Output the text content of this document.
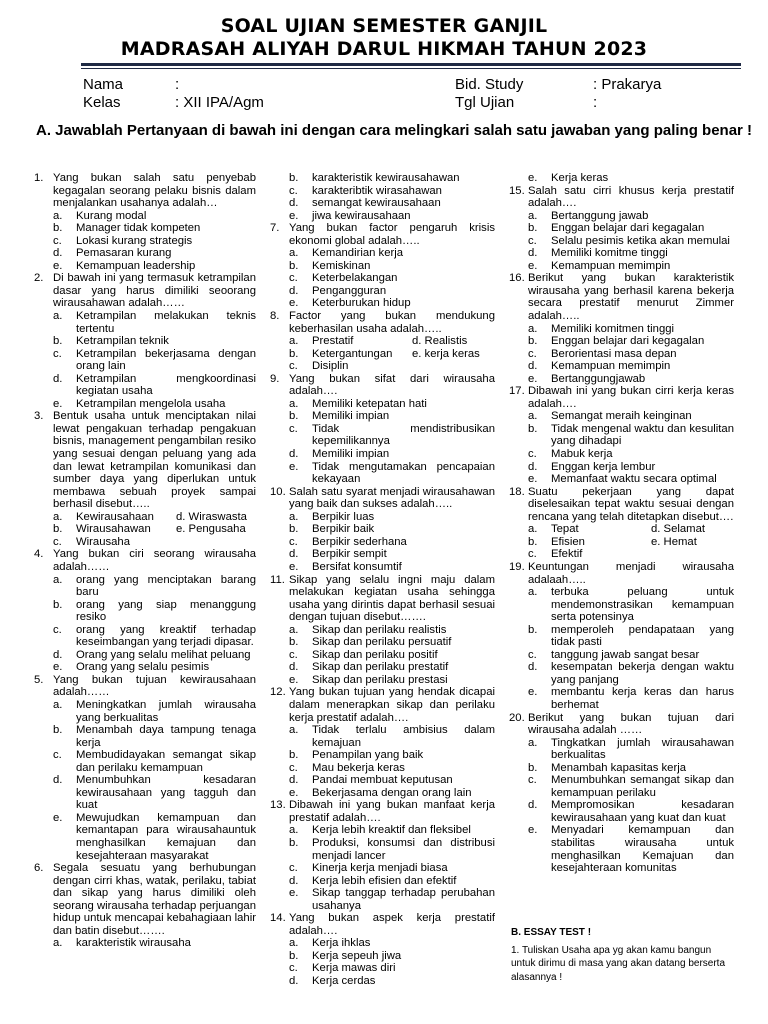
SOAL UJIAN SEMESTER GANJIL
MADRASAH ALIYAH DARUL HIKMAH TAHUN 2023
Nama	:
Kelas	: XII IPA/Agm
Bid. Study	: Prakarya
Tgl Ujian	:
A. Jawablah Pertanyaan di bawah ini dengan cara melingkari salah satu jawaban yang paling benar !
1. Yang bukan salah satu penyebab kegagalan seorang pelaku bisnis dalam menjalankan usahanya adalah…
a.	Kurang modal
b.	Manager tidak kompeten
c.	Lokasi kurang strategis
d.	Pemasaran kurang
e.	Kemampuan leadership
2. Di bawah ini yang termasuk ketrampilan dasar yang harus dimiliki seoorang wirausahawan adalah……
a.	Ketrampilan melakukan teknis tertentu
b.	Ketrampilan teknik
c.	Ketrampilan bekerjasama dengan orang lain
d.	Ketrampilan mengkoordinasi kegiatan usaha
e.	Ketrampilan mengelola usaha
3. Bentuk usaha untuk menciptakan nilai lewat pengakuan terhadap pengakuan bisnis, management pengambilan resiko yang sesuai dengan peluang yang ada dan lewat ketrampilan komunikasi dan sumber daya yang diperlukan untuk membawa sebuah proyek sampai berhasil disebut…..
a.	Kewirausahaan	d. Wiraswasta
b.	Wirausahawan	e. Pengusaha
c.	Wirausaha
4. Yang bukan ciri seorang wirausaha adalah……
a.	orang yang menciptakan barang baru
b.	orang yang siap menanggung resiko
c.	orang yang kreaktif terhadap keseimbangan yang terjadi dipasar.
d.	Orang yang selalu melihat peluang
e.	Orang yang selalu pesimis
5. Yang bukan tujuan kewirausahaan adalah……
a.	Meningkatkan jumlah wirausaha yang berkualitas
b.	Menambah daya tampung tenaga kerja
c.	Membudidayakan semangat sikap dan perilaku kemampuan
d.	Menumbuhkan kesadaran kewirausahaan yang tagguh dan kuat
e.	Mewujudkan kemampuan dan kemantapan para wirausahauntuk menghasilkan kemajuan dan kesejahteraan masyarakat
6. Segala sesuatu yang berhubungan dengan cirri khas, watak, perilaku, tabiat dan sikap yang harus dimiliki oleh seorang wirausaha terhadap perjuangan hidup untuk mencapai kebahagiaan lahir dan batin disebut…….
a.	karakteristik wirausaha
b.	karakteristik kewirausahawan
c.	karakteribtik wirasahawan
d.	semangat kewirausahaan
e.	jiwa kewirausahaan
7. Yang bukan factor pengaruh krisis ekonomi global adalah…..
a.	Kemandirian kerja
b.	Kemiskinan
c.	Keterbelakangan
d.	Pengangguran
e.	Keterburukan hidup
8. Factor yang bukan mendukung keberhasilan usaha adalah…..
a.	Prestatif	d. Realistis
b.	Ketergantungan	e. kerja keras
c.	Disiplin
9. Yang bukan sifat dari wirausaha adalah….
a.	Memiliki ketepatan hati
b.	Memiliki impian
c.	Tidak mendistribusikan kepemilikannya
d.	Memiliki impian
e.	Tidak mengutamakan pencapaian kekayaan
10. Salah satu syarat menjadi wirausahawan yang baik dan sukses adalah…..
a.	Berpikir luas
b.	Berpikir baik
c.	Berpikir sederhana
d.	Berpikir sempit
e.	Bersifat konsumtif
11. Sikap yang selalu ingni maju dalam melakukan kegiatan usaha sehingga usaha yang dirintis dapat berhasil sesuai dengan tujuan disebut…….
a.	Sikap dan perilaku realistis
b.	Sikap dan perilaku persuatif
c.	Sikap dan perilaku positif
d.	Sikap dan perilaku prestatif
e.	Sikap dan perilaku prestasi
12. Yang bukan tujuan yang hendak dicapai dalam menerapkan sikap dan perilaku kerja prestatif adalah….
a.	Tidak terlalu ambisius dalam kemajuan
b.	Penampilan yang baik
c.	Mau bekerja keras
d.	Pandai membuat keputusan
e.	Bekerjasama dengan orang lain
13. Dibawah ini yang bukan manfaat kerja prestatif adalah….
a.	Kerja lebih kreaktif dan fleksibel
b.	Produksi, konsumsi dan distribusi menjadi lancer
c.	Kinerja kerja menjadi biasa
d.	Kerja lebih efisien dan efektif
e.	Sikap tanggap terhadap perubahan usahanya
14. Yang bukan aspek kerja prestatif adalah….
a.	Kerja ihklas
b.	Kerja sepeuh jiwa
c.	Kerja mawas diri
d.	Kerja cerdas
e.	Kerja keras
15. Salah satu cirri khusus kerja prestatif adalah….
a.	Bertanggung jawab
b.	Enggan belajar dari kegagalan
c.	Selalu pesimis ketika akan memulai
d.	Memiliki komitme tinggi
e.	Kemampuan memimpin
16. Berikut yang bukan karakteristik wirausaha yang berhasil karena bekerja secara prestatif menurut Zimmer adalah…..
a.	Memiliki komitmen tinggi
b.	Enggan belajar dari kegagalan
c.	Berorientasi masa depan
d.	Kemampuan memimpin
e.	Bertanggungjawab
17. Dibawah ini yang bukan cirri kerja keras adalah….
a.	Semangat meraih keinginan
b.	Tidak mengenal waktu dan kesulitan yang dihadapi
c.	Mabuk kerja
d.	Enggan kerja lembur
e.	Memanfaat waktu secara optimal
18. Suatu pekerjaan yang dapat diselesaikan tepat waktu sesuai dengan rencana yang telah ditetapkan disebut….
a.	Tepat	d. Selamat
b.	Efisien	e. Hemat
c.	Efektif
19. Keuntungan menjadi wirausaha adalaah…..
a.	terbuka peluang untuk mendemonstrasikan kemampuan serta potensinya
b.	memperoleh pendapataan yang tidak pasti
c.	tanggung jawab sangat besar
d.	kesempatan bekerja dengan waktu yang panjang
e.	membantu kerja keras dan harus berhemat
20. Berikut yang bukan tujuan dari wirausaha adalah ……
a.	Tingkatkan jumlah wirausahawan berkualitas
b.	Menambah kapasitas kerja
c.	Menumbuhkan semangat sikap dan kemampuan perilaku
d.	Mempromosikan kesadaran kewirausahaan yang kuat dan kuat
e.	Menyadari kemampuan dan stabilitas wirausaha untuk menghasilkan Kemajuan dan kesejahteraan komunitas
B. ESSAY TEST !
1. Tuliskan Usaha apa yg akan kamu bangun untuk dirimu di masa yang akan datang berserta alasannya !
